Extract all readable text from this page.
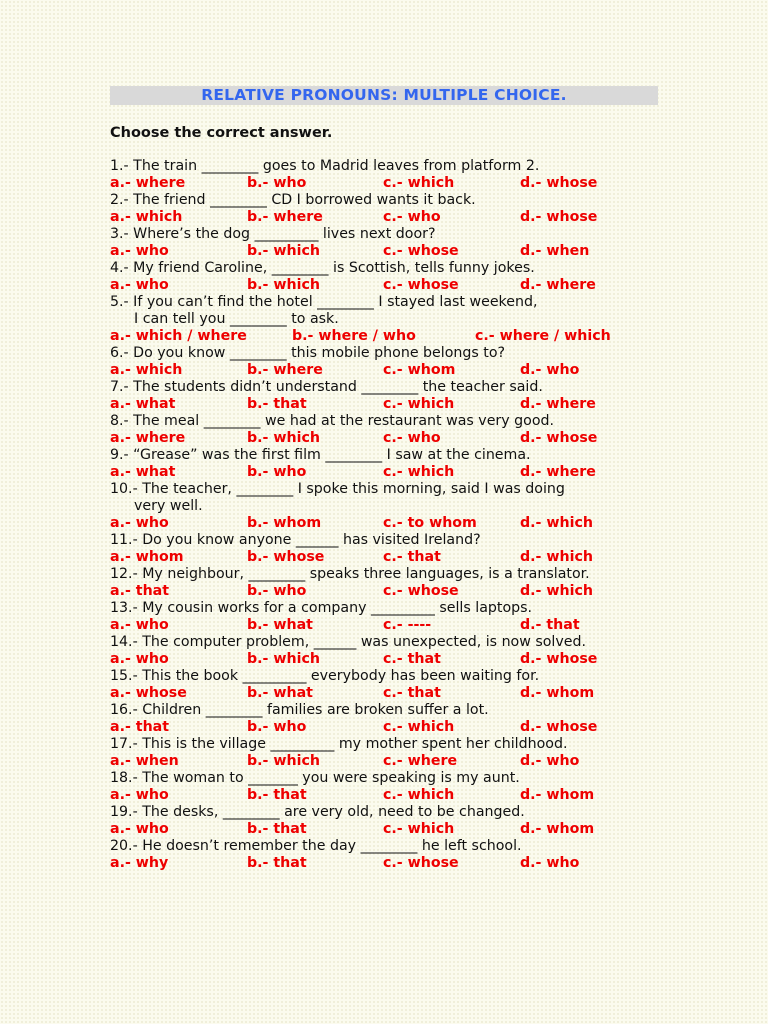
RELATIVE PRONOUNS: MULTIPLE CHOICE.
Choose the correct answer.
1.- The train ________ goes to Madrid leaves from platform 2.
a.- where	b.- who	c.- which	d.- whose
2.- The friend ________ CD I borrowed wants it back.
a.- which	b.- where	c.- who	d.- whose
3.- Where’s the dog _________ lives next door?
a.- who	b.- which	c.- whose	d.- when
4.- My friend Caroline, ________ is Scottish, tells funny jokes.
a.- who	b.- which	c.- whose	d.- where
5.- If you can’t find the hotel ________ I stayed last weekend,
I can tell you ________ to ask.
a.- which / where	b.- where / who	c.- where / which
6.- Do you know ________ this mobile phone belongs to?
a.- which	b.- where	c.- whom	d.- who
7.- The students didn’t understand ________ the teacher said.
a.- what	b.- that	c.- which	d.- where
8.- The meal ________ we had at the restaurant was very good.
a.- where	b.- which	c.- who	d.- whose
9.- “Grease” was the first film ________ I saw at the cinema.
a.- what	b.- who	c.- which	d.- where
10.- The teacher, ________ I spoke this morning, said I was doing
very well.
a.- who	b.- whom	c.- to whom	d.- which
11.- Do you know anyone ______ has visited Ireland?
a.- whom	b.- whose	c.- that	d.- which
12.- My neighbour, ________ speaks three languages, is a translator.
a.- that	b.- who	c.- whose	d.- which
13.- My cousin works for a company _________ sells laptops.
a.- who	b.- what	c.- ----	d.- that
14.- The computer problem, ______ was unexpected, is now solved.
a.- who	b.- which	c.- that	d.- whose
15.- This the book _________ everybody has been waiting for.
a.- whose	b.- what	c.- that	d.- whom
16.- Children ________ families are broken suffer a lot.
a.- that	b.- who	c.- which	d.- whose
17.- This is the village _________ my mother spent her childhood.
a.- when	b.- which	c.- where	d.- who
18.- The woman to _______ you were speaking is my aunt.
a.- who	b.- that	c.- which	d.- whom
19.- The desks, ________ are very old, need to be changed.
a.- who	b.- that	c.- which	d.- whom
20.- He doesn’t remember the day ________ he left school.
a.- why	b.- that	c.- whose	d.- who
